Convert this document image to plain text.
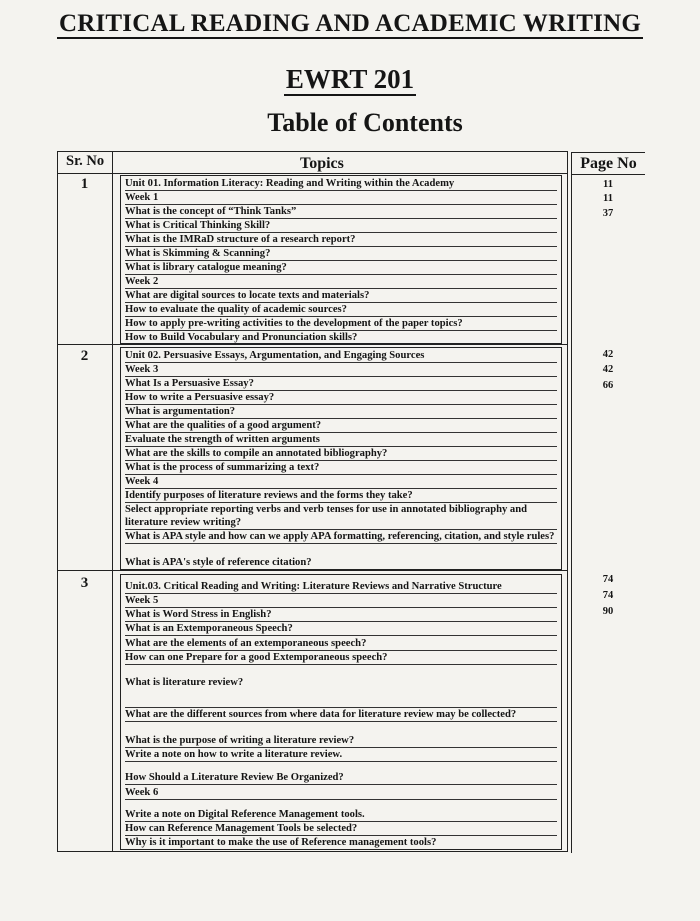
CRITICAL READING AND ACADEMIC WRITING
EWRT 201
Table of Contents
Sr. No	Topics	Page No
1
2
3
Unit 01. Information Literacy: Reading and Writing within the Academy
Week 1
What is the concept of “Think Tanks”
What is Critical Thinking Skill?
What is the IMRaD structure of a research report?
What is Skimming & Scanning?
What is library catalogue meaning?
Week 2
What are digital sources to locate texts and materials?
How to evaluate the quality of academic sources?
How to apply pre-writing activities to the development of the paper topics?
How to Build Vocabulary and Pronunciation skills?
11
11
37
Unit 02. Persuasive Essays, Argumentation, and Engaging Sources
Week 3
What Is a Persuasive Essay?
How to write a Persuasive essay?
What is argumentation?
What are the qualities of a good argument?
Evaluate the strength of written arguments
What are the skills to compile an annotated bibliography?
What is the process of summarizing a text?
Week 4
Identify purposes of literature reviews and the forms they take?
Select appropriate reporting verbs and verb tenses for use in annotated bibliography and literature review writing?
What is APA style and how can we apply APA formatting, referencing, citation, and style rules?
What is APA's style of reference citation?
42
42
66
Unit.03. Critical Reading and Writing: Literature Reviews and Narrative Structure
Week 5
What is Word Stress in English?
What is an Extemporaneous Speech?
What are the elements of an extemporaneous speech?
How can one Prepare for a good Extemporaneous speech?
What is literature review?
What are the different sources from where data for literature review may be collected?
What is the purpose of writing a literature review?
Write a note on how to write a literature review.
How Should a Literature Review Be Organized?
Week 6
Write a note on Digital Reference Management tools.
How can Reference Management Tools be selected?
Why is it important to make the use of Reference management tools?
74
74
90
